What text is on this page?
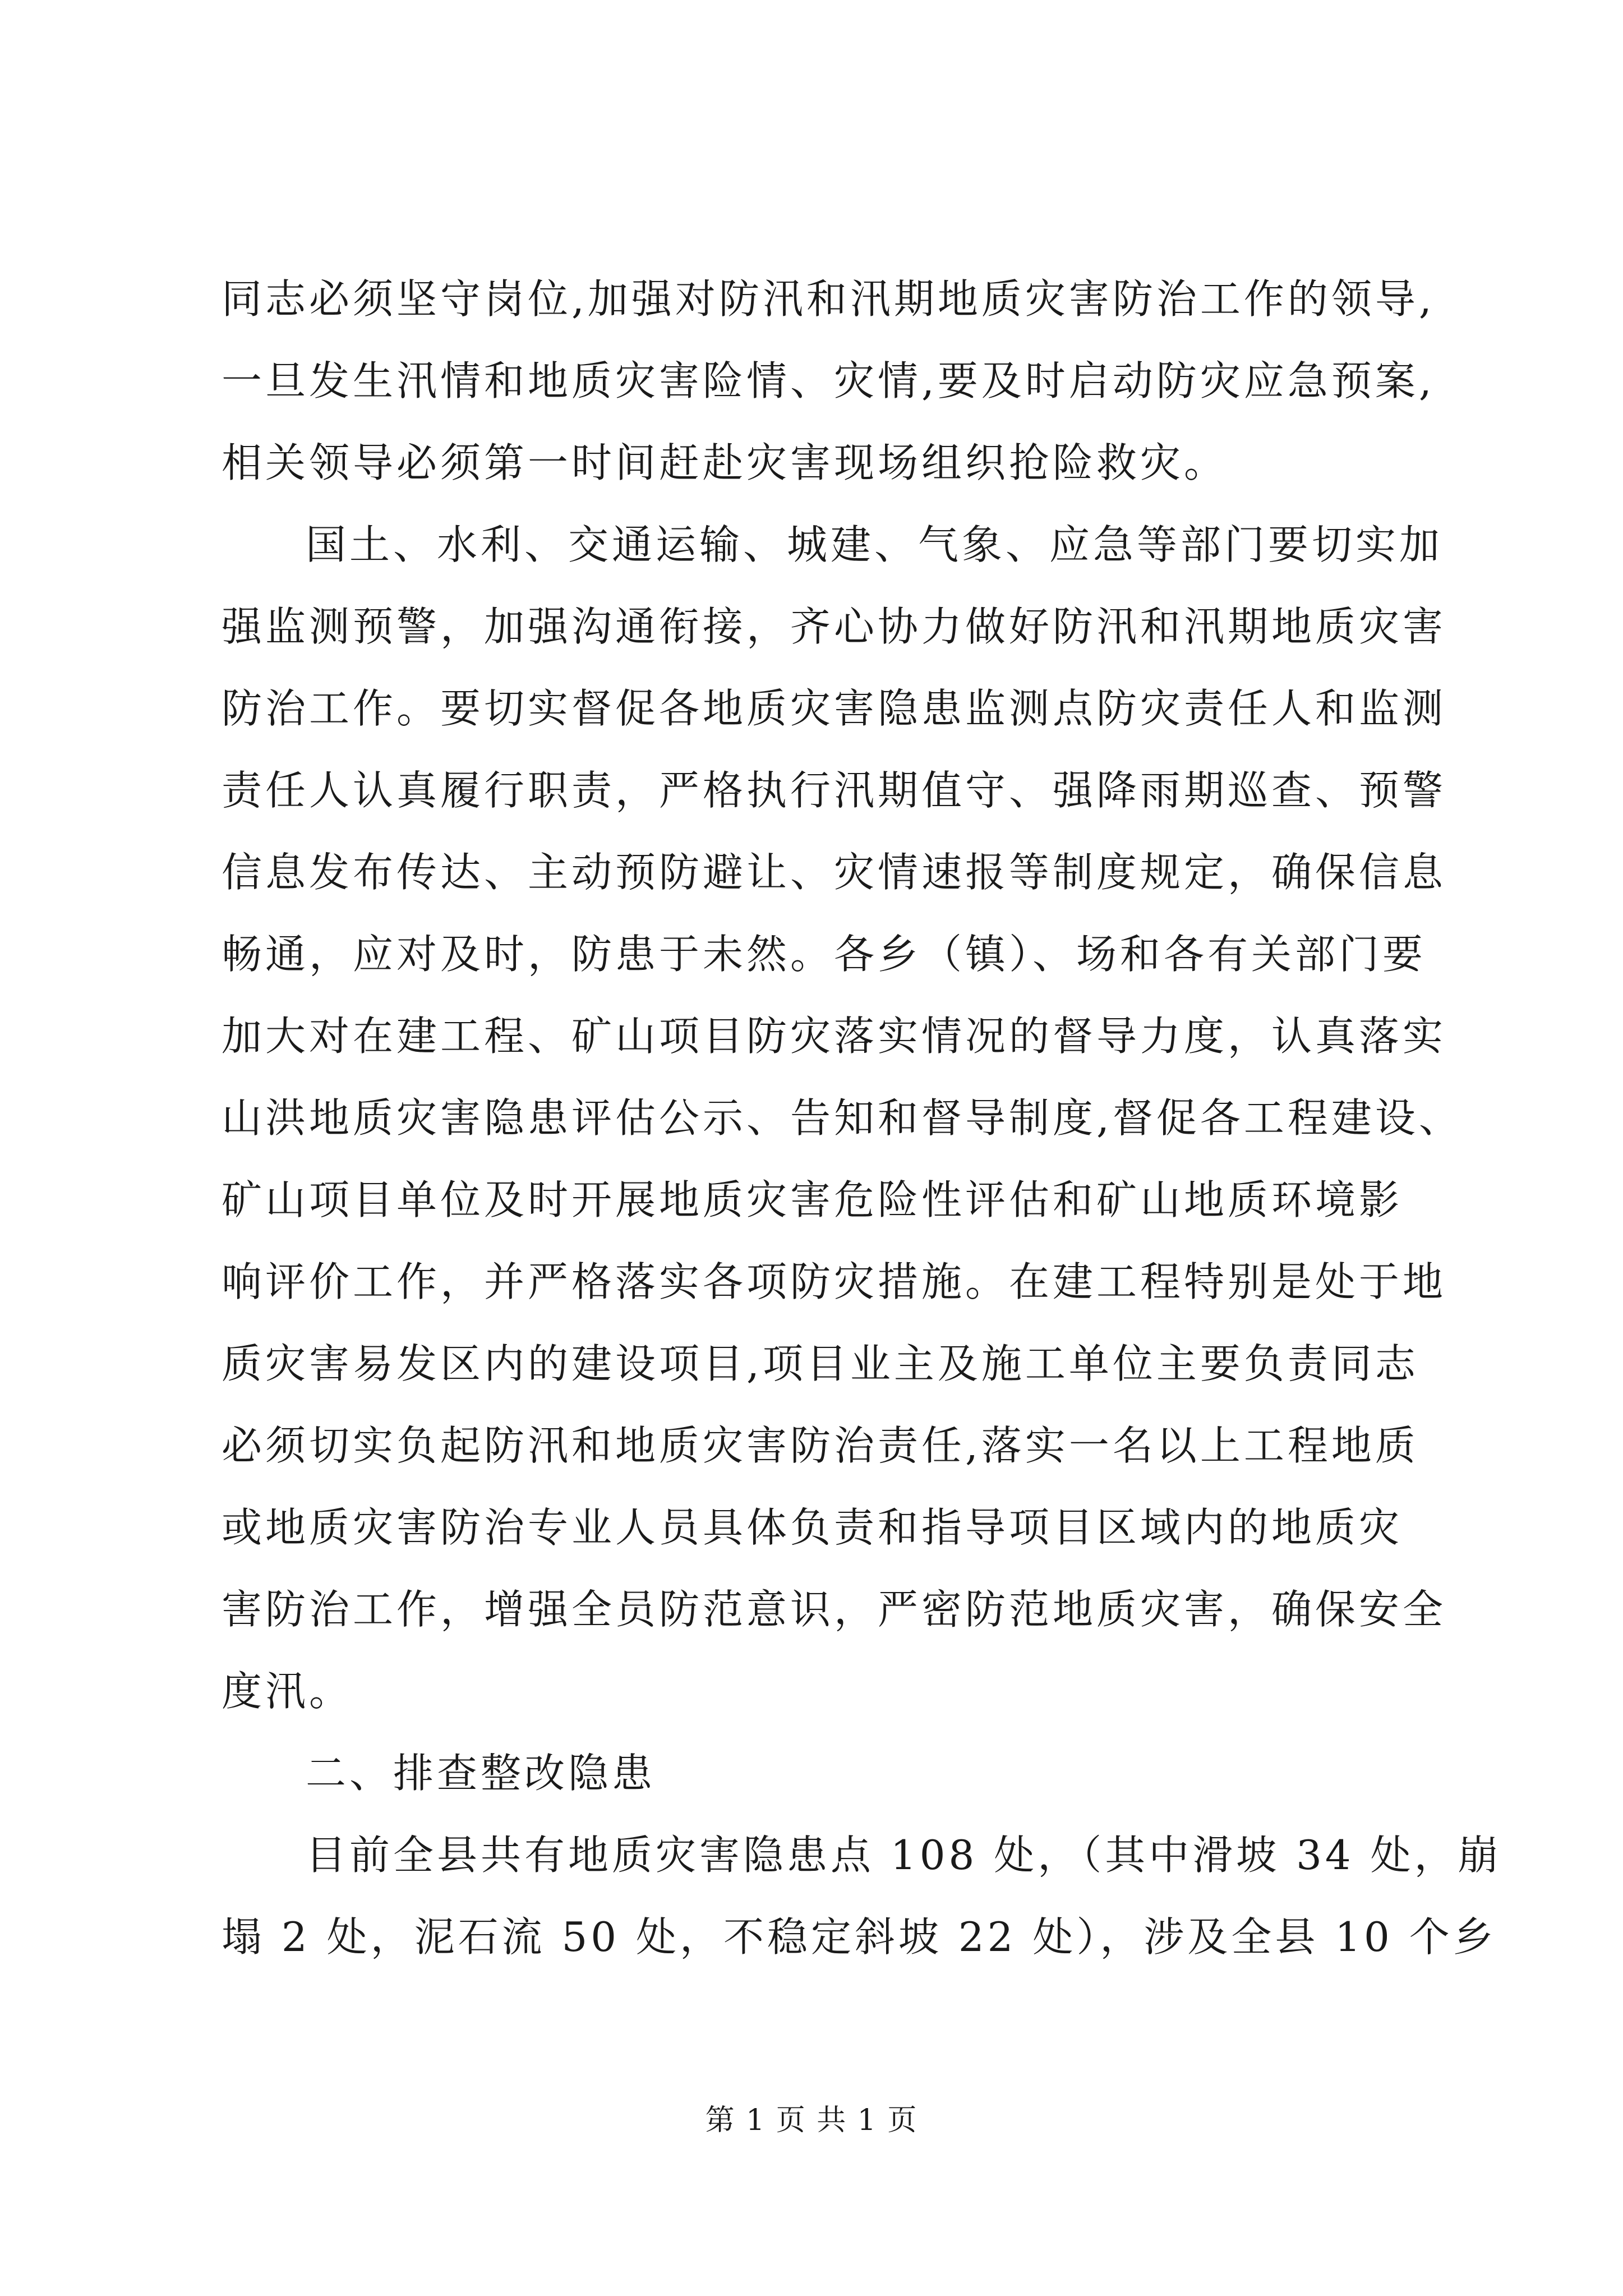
同志必须坚守岗位,加强对防汛和汛期地质灾害防治工作的领导,
一旦发生汛情和地质灾害险情、灾情,要及时启动防灾应急预案,
相关领导必须第一时间赶赴灾害现场组织抢险救灾。
国土、水利、交通运输、城建、气象、应急等部门要切实加
强监测预警，加强沟通衔接，齐心协力做好防汛和汛期地质灾害
防治工作。要切实督促各地质灾害隐患监测点防灾责任人和监测
责任人认真履行职责，严格执行汛期值守、强降雨期巡查、预警
信息发布传达、主动预防避让、灾情速报等制度规定，确保信息
畅通，应对及时，防患于未然。各乡（镇）、场和各有关部门要
加大对在建工程、矿山项目防灾落实情况的督导力度，认真落实
山洪地质灾害隐患评估公示、告知和督导制度,督促各工程建设、
矿山项目单位及时开展地质灾害危险性评估和矿山地质环境影
响评价工作，并严格落实各项防灾措施。在建工程特别是处于地
质灾害易发区内的建设项目,项目业主及施工单位主要负责同志
必须切实负起防汛和地质灾害防治责任,落实一名以上工程地质
或地质灾害防治专业人员具体负责和指导项目区域内的地质灾
害防治工作，增强全员防范意识，严密防范地质灾害，确保安全
度汛。
二、排查整改隐患
目前全县共有地质灾害隐患点 108 处，（其中滑坡 34 处，崩
塌 2 处，泥石流 50 处，不稳定斜坡 22 处），涉及全县 10 个乡
第 1 页 共 1 页
